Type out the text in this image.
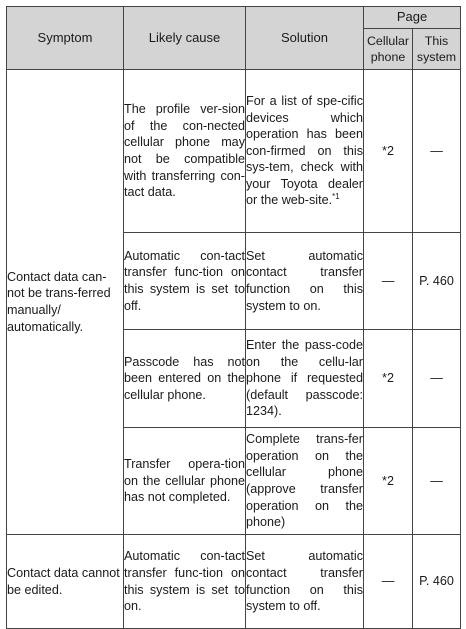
Symptom	Likely cause	Solution	Page	
			Cellular phone	This system
Contact data can-not be trans-ferred manually/ automatically.	The profile ver-sion of the con-nected cellular phone may not be compatible with transferring con-tact data.	For a list of spe-cific devices which operation has been con-firmed on this sys-tem, check with your Toyota dealer or the web-site.$^{*1}$	*2	—
	Automatic con-tact transfer func-tion on this system is set to off.	Set automatic contact transfer function on this system to on.	—	P. 460
	Passcode has not been entered on the cellular phone.	Enter the pass-code on the cellu-lar phone if requested (default passcode: 1234).	*2	—
	Transfer opera-tion on the cellular phone has not completed.	Complete trans-fer operation on the cellular phone (approve transfer operation on the phone)	*2	—
Contact data cannot be edited.	Automatic con-tact transfer func-tion on this system is set to on.	Set automatic contact transfer function on this system to off.	—	P. 460
